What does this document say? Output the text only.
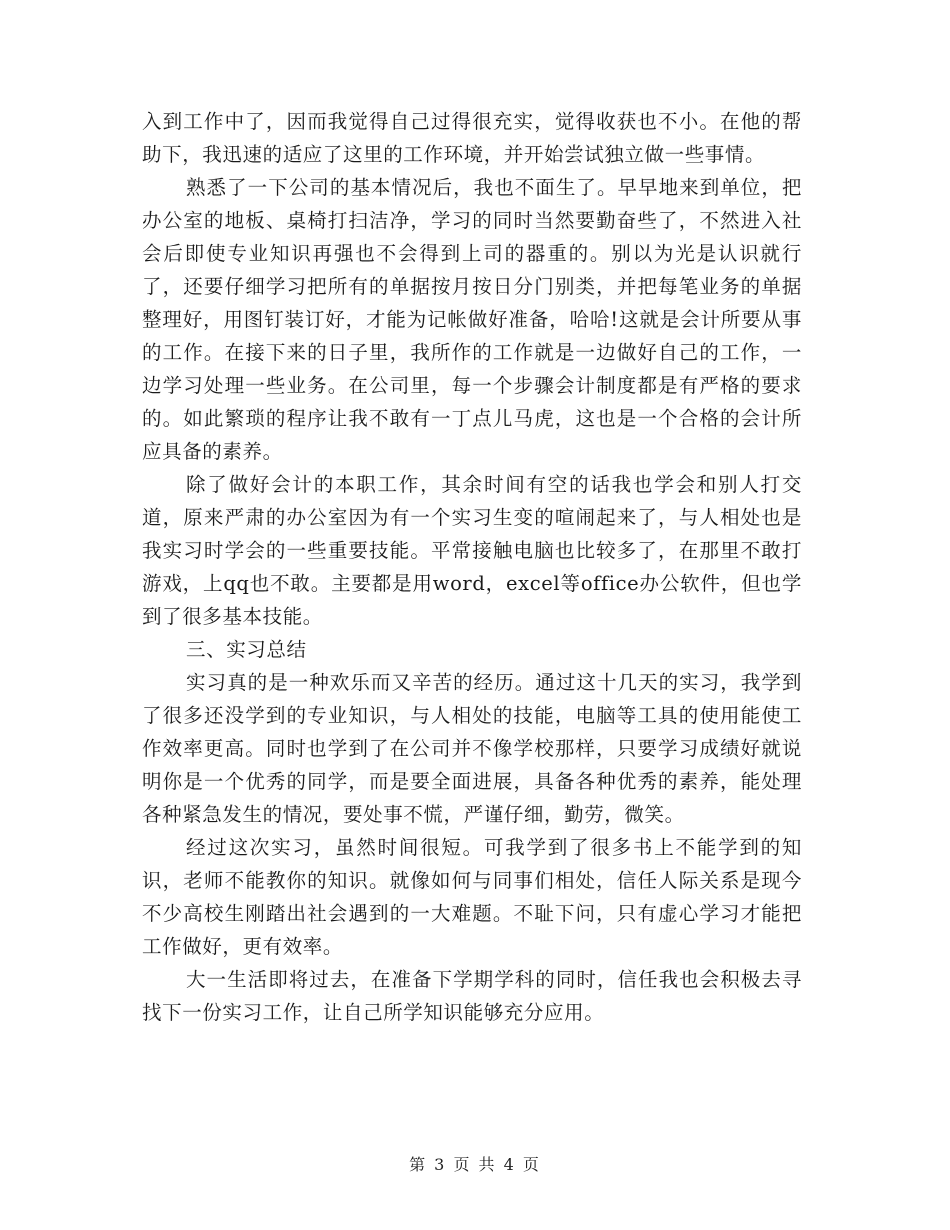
入到工作中了，因而我觉得自己过得很充实，觉得收获也不小。在他的帮助下，我迅速的适应了这里的工作环境，并开始尝试独立做一些事情。

熟悉了一下公司的基本情况后，我也不面生了。早早地来到单位，把办公室的地板、桌椅打扫洁净，学习的同时当然要勤奋些了，不然进入社会后即使专业知识再强也不会得到上司的器重的。别以为光是认识就行了，还要仔细学习把所有的单据按月按日分门别类，并把每笔业务的单据整理好，用图钉装订好，才能为记帐做好准备，哈哈!这就是会计所要从事的工作。在接下来的日子里，我所作的工作就是一边做好自己的工作，一边学习处理一些业务。在公司里，每一个步骤会计制度都是有严格的要求的。如此繁琐的程序让我不敢有一丁点儿马虎，这也是一个合格的会计所应具备的素养。

除了做好会计的本职工作，其余时间有空的话我也学会和别人打交道，原来严肃的办公室因为有一个实习生变的喧闹起来了，与人相处也是我实习时学会的一些重要技能。平常接触电脑也比较多了，在那里不敢打游戏，上qq也不敢。主要都是用word，excel等office办公软件，但也学到了很多基本技能。

三、实习总结

实习真的是一种欢乐而又辛苦的经历。通过这十几天的实习，我学到了很多还没学到的专业知识，与人相处的技能，电脑等工具的使用能使工作效率更高。同时也学到了在公司并不像学校那样，只要学习成绩好就说明你是一个优秀的同学，而是要全面进展，具备各种优秀的素养，能处理各种紧急发生的情况，要处事不慌，严谨仔细，勤劳，微笑。

经过这次实习，虽然时间很短。可我学到了很多书上不能学到的知识，老师不能教你的知识。就像如何与同事们相处，信任人际关系是现今不少高校生刚踏出社会遇到的一大难题。不耻下问，只有虚心学习才能把工作做好，更有效率。

大一生活即将过去，在准备下学期学科的同时，信任我也会积极去寻找下一份实习工作，让自己所学知识能够充分应用。

第 3 页 共 4 页
